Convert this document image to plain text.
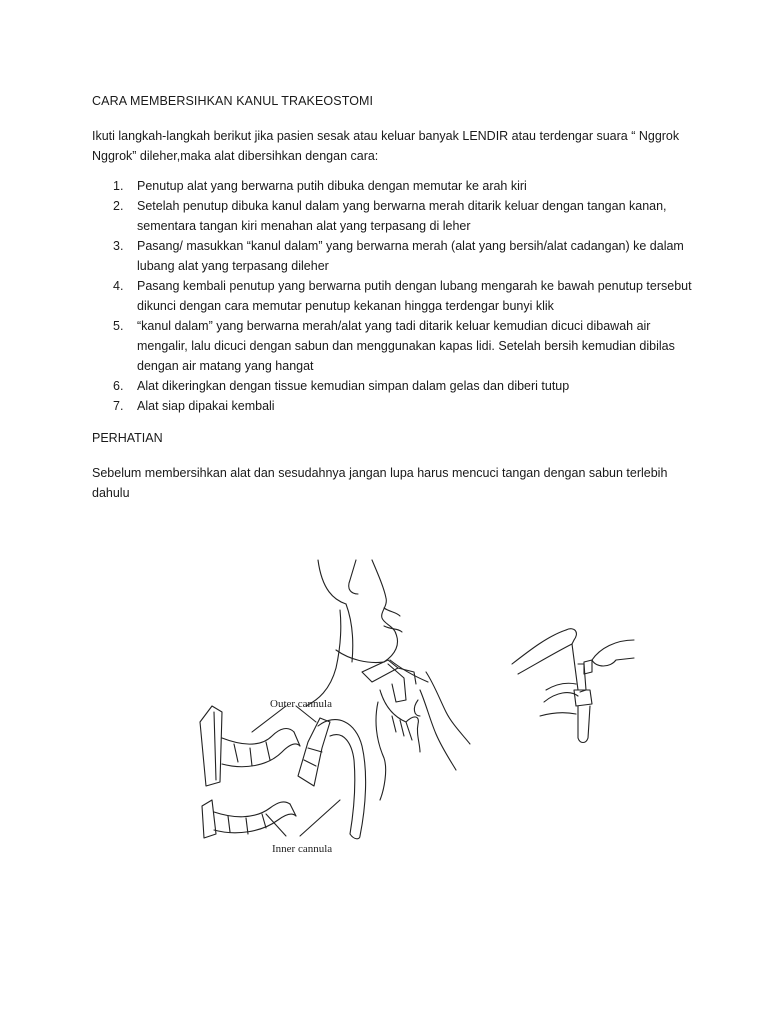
CARA MEMBERSIHKAN KANUL TRAKEOSTOMI
Ikuti langkah-langkah berikut jika pasien sesak atau keluar banyak LENDIR atau terdengar suara “ Nggrok Nggrok” dileher,maka alat dibersihkan dengan cara:
1. Penutup alat yang berwarna putih dibuka dengan memutar ke arah kiri
2. Setelah penutup dibuka kanul dalam yang berwarna merah ditarik keluar dengan tangan kanan, sementara tangan kiri menahan alat yang terpasang di leher
3. Pasang/ masukkan “kanul dalam” yang berwarna merah (alat yang bersih/alat cadangan) ke dalam lubang alat yang terpasang dileher
4. Pasang kembali penutup yang berwarna putih dengan lubang mengarah ke bawah penutup tersebut dikunci dengan cara memutar penutup kekanan hingga terdengar bunyi klik
5. “kanul dalam” yang berwarna merah/alat yang tadi ditarik keluar kemudian dicuci dibawah air mengalir, lalu dicuci dengan sabun dan menggunakan kapas lidi. Setelah bersih kemudian dibilas dengan air matang yang hangat
6. Alat dikeringkan dengan tissue kemudian simpan dalam gelas dan diberi tutup
7. Alat siap dipakai kembali
PERHATIAN
Sebelum membersihkan alat dan sesudahnya jangan lupa harus mencuci tangan dengan sabun terlebih dahulu
Outer cannula
Inner cannula
